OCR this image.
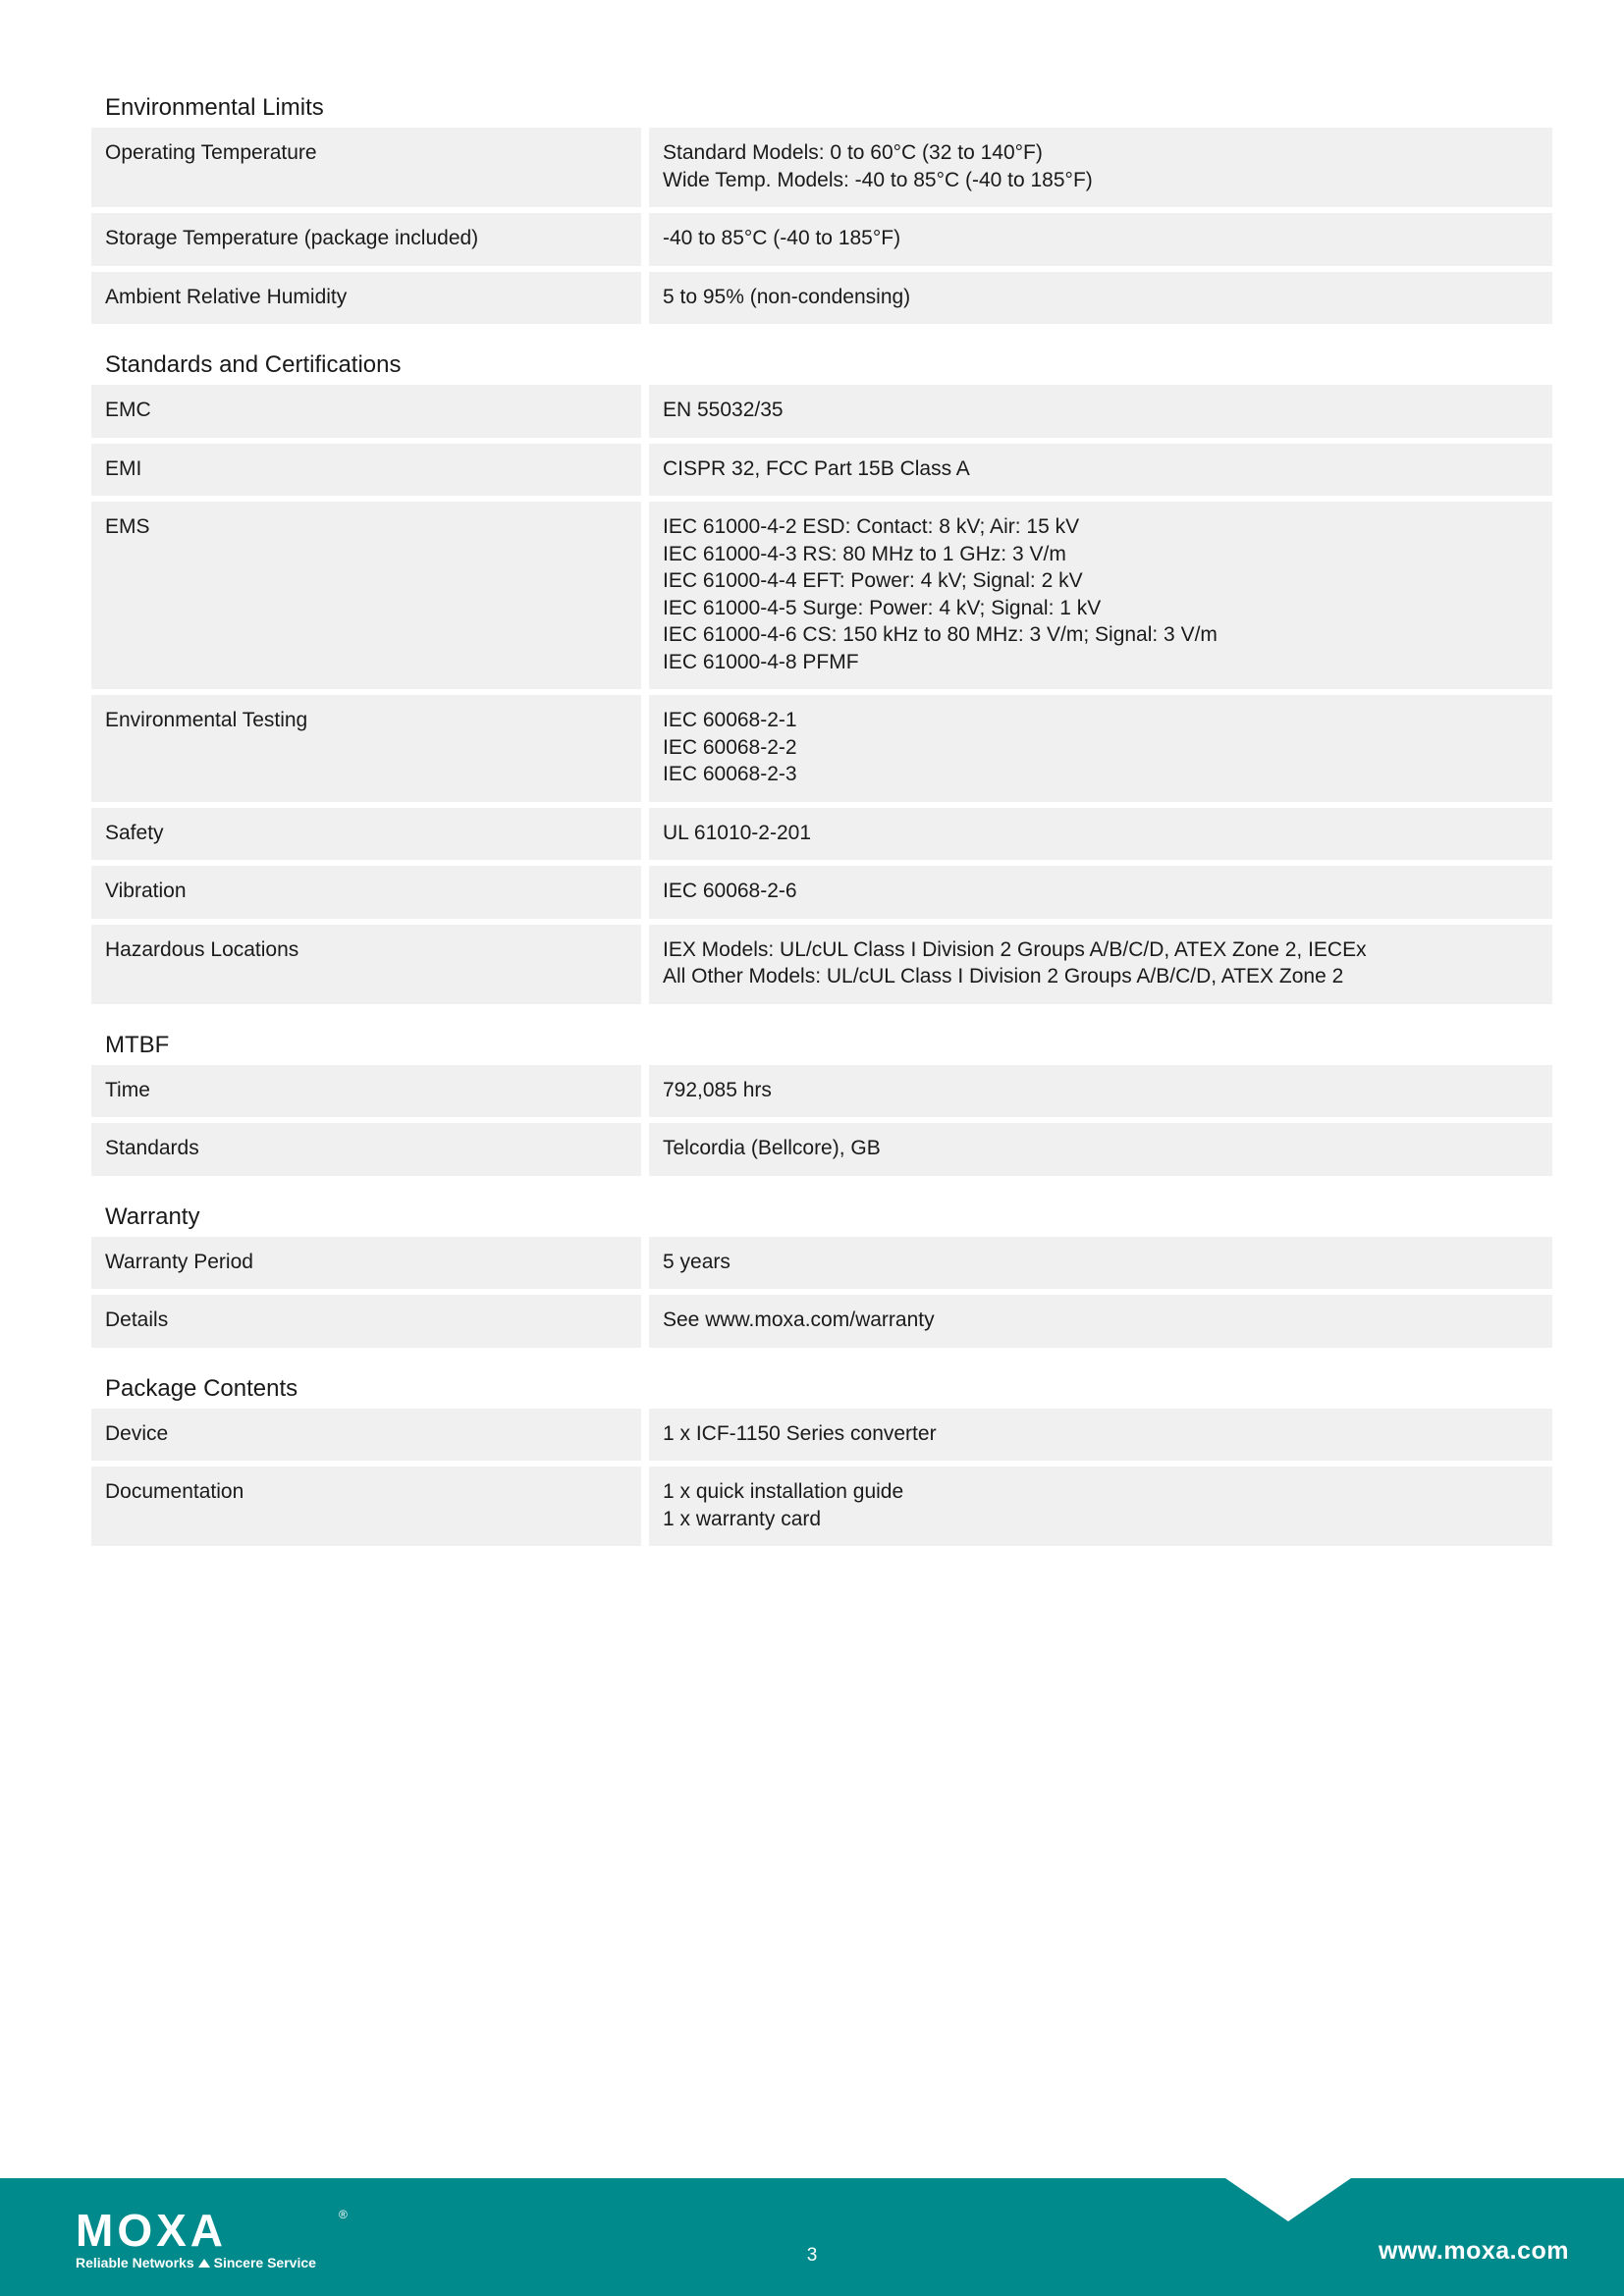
Environmental Limits
Operating Temperature	Standard Models: 0 to 60°C (32 to 140°F)
Wide Temp. Models: -40 to 85°C (-40 to 185°F)
Storage Temperature (package included)	-40 to 85°C (-40 to 185°F)
Ambient Relative Humidity	5 to 95% (non-condensing)
Standards and Certifications
EMC	EN 55032/35
EMI	CISPR 32, FCC Part 15B Class A
EMS	IEC 61000-4-2 ESD: Contact: 8 kV; Air: 15 kV
IEC 61000-4-3 RS: 80 MHz to 1 GHz: 3 V/m
IEC 61000-4-4 EFT: Power: 4 kV; Signal: 2 kV
IEC 61000-4-5 Surge: Power: 4 kV; Signal: 1 kV
IEC 61000-4-6 CS: 150 kHz to 80 MHz: 3 V/m; Signal: 3 V/m
IEC 61000-4-8 PFMF
Environmental Testing	IEC 60068-2-1
IEC 60068-2-2
IEC 60068-2-3
Safety	UL 61010-2-201
Vibration	IEC 60068-2-6
Hazardous Locations	IEX Models: UL/cUL Class I Division 2 Groups A/B/C/D, ATEX Zone 2, IECEx
All Other Models: UL/cUL Class I Division 2 Groups A/B/C/D, ATEX Zone 2
MTBF
Time	792,085 hrs
Standards	Telcordia (Bellcore), GB
Warranty
Warranty Period	5 years
Details	See www.moxa.com/warranty
Package Contents
Device	1 x ICF-1150 Series converter
Documentation	1 x quick installation guide
1 x warranty card
MOXA	®
Reliable Networks Sincere Service	3	www.moxa.com
